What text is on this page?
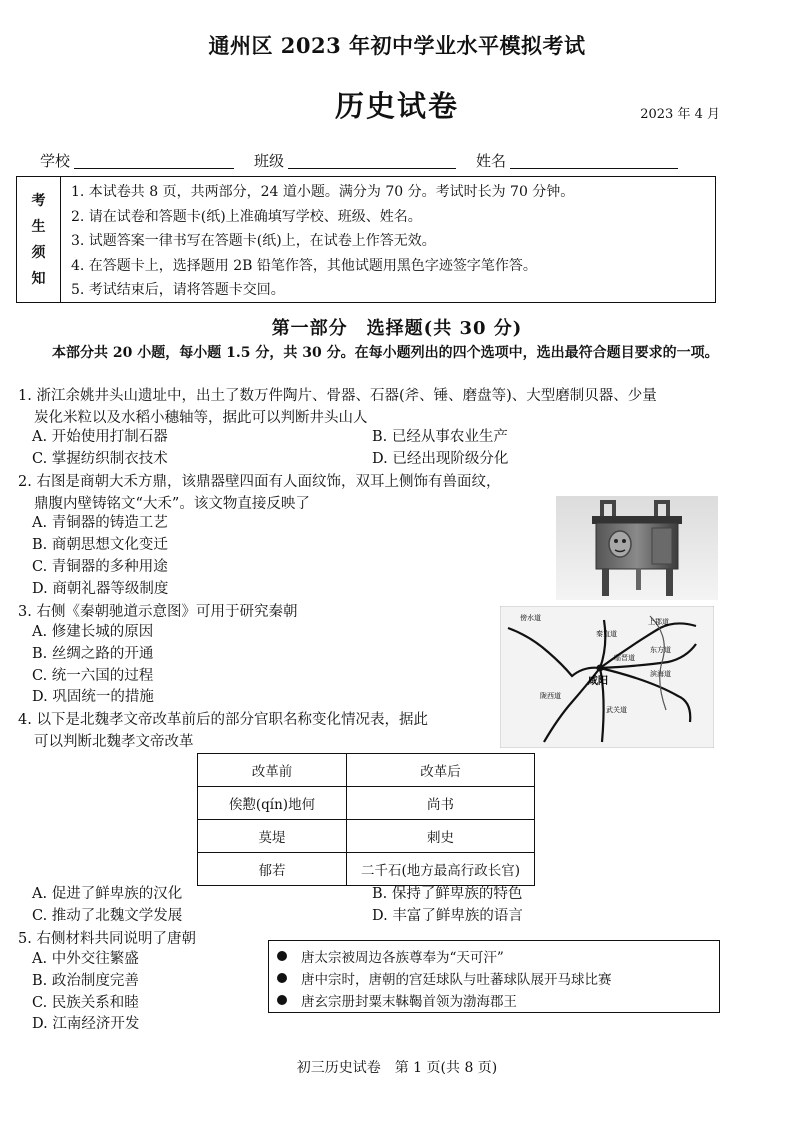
通州区 2023 年初中学业水平模拟考试
历史试卷	2023 年 4 月
学校	班级	姓名
考
生
须
知
1. 本试卷共 8 页，共两部分，24 道小题。满分为 70 分。考试时长为 70 分钟。
2. 请在试卷和答题卡(纸)上准确填写学校、班级、姓名。
3. 试题答案一律书写在答题卡(纸)上，在试卷上作答无效。
4. 在答题卡上，选择题用 2B 铅笔作答，其他试题用黑色字迹签字笔作答。
5. 考试结束后，请将答题卡交回。
第一部分　选择题(共 30 分)
本部分共 20 小题，每小题 1.5 分，共 30 分。在每小题列出的四个选项中，选出最符合题目要求的一项。
1. 浙江余姚井头山遗址中，出土了数万件陶片、骨器、石器(斧、锤、磨盘等)、大型磨制贝器、少量
炭化米粒以及水稻小穗轴等，据此可以判断井头山人
A. 开始使用打制石器	B. 已经从事农业生产
C. 掌握纺织制衣技术	D. 已经出现阶级分化
2. 右图是商朝大禾方鼎，该鼎器壁四面有人面纹饰，双耳上侧饰有兽面纹，
鼎腹内壁铸铭文“大禾”。该文物直接反映了
A. 青铜器的铸造工艺
B. 商朝思想文化变迁
C. 青铜器的多种用途
D. 商朝礼器等级制度
3. 右侧《秦朝驰道示意图》可用于研究秦朝
A. 修建长城的原因
B. 丝绸之路的开通
C. 统一六国的过程
D. 巩固统一的措施
傍水道
秦直道
上郡道
临晋道
东方道
滨海道
咸阳
陇西道
武关道
4. 以下是北魏孝文帝改革前后的部分官职名称变化情况表，据此
可以判断北魏孝文帝改革
改革前	改革后
俟懃(qín)地何	尚书
莫堤	刺史
郁若	二千石(地方最高行政长官)
A. 促进了鲜卑族的汉化	B. 保持了鲜卑族的特色
C. 推动了北魏文学发展	D. 丰富了鲜卑族的语言
5. 右侧材料共同说明了唐朝
A. 中外交往繁盛
B. 政治制度完善
C. 民族关系和睦
D. 江南经济开发
唐太宗被周边各族尊奉为“天可汗”
唐中宗时，唐朝的宫廷球队与吐蕃球队展开马球比赛
唐玄宗册封粟末靺鞨首领为渤海郡王
初三历史试卷　第 1 页(共 8 页)
